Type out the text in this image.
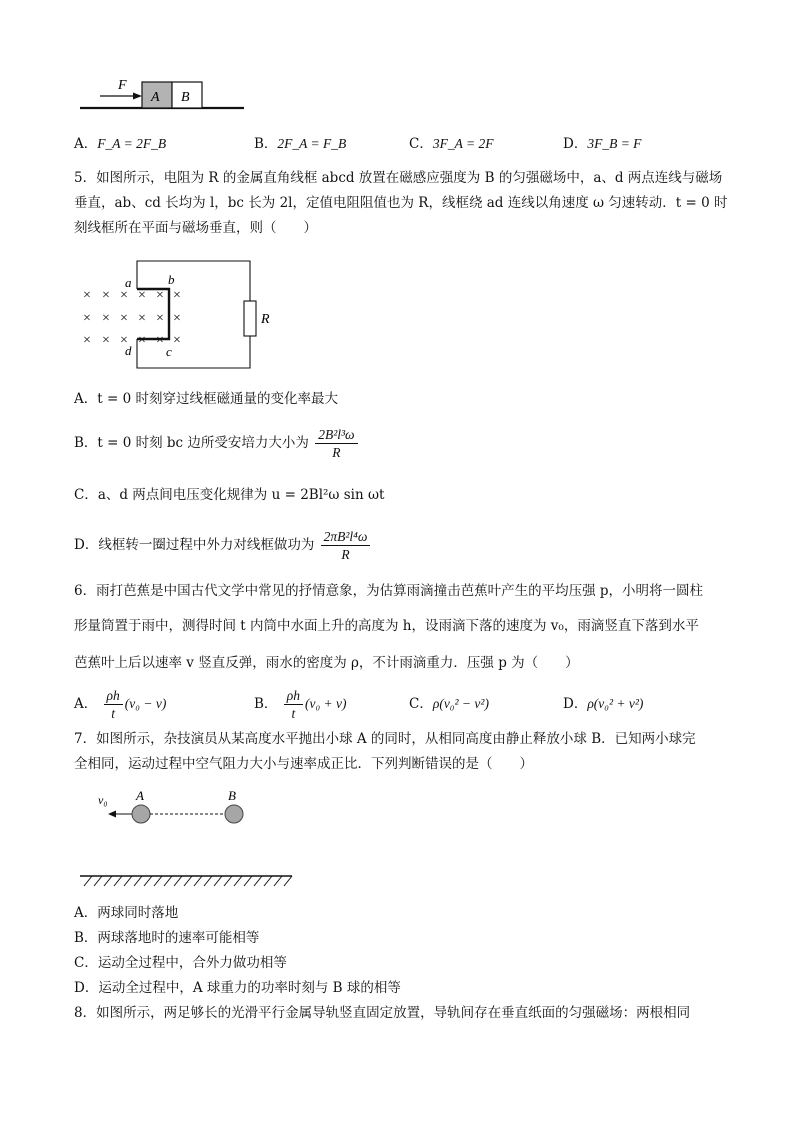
F
A B
A．F_A = 2F_B	B．2F_A = F_B	C．3F_A = 2F	D．3F_B = F
5．如图所示，电阻为 R 的金属直角线框 abcd 放置在磁感应强度为 B 的匀强磁场中，a、d 两点连线与磁场
垂直，ab、cd 长均为 l，bc 长为 2l，定值电阻阻值也为 R，线框绕 ad 连线以角速度 ω 匀速转动．t = 0 时
刻线框所在平面与磁场垂直，则（　　）
× × × × × ×
× × × × × ×
× × × × × ×
R
a	b
d	c
A．t = 0 时刻穿过线框磁通量的变化率最大
B．t = 0 时刻 bc 边所受安培力大小为 $\frac{\text{2B²l³ω}}{R}$
C．a、d 两点间电压变化规律为 u = 2Bl²ω sin ωt
D．线框转一圈过程中外力对线框做功为 $\frac{\text{2πB²l⁴ω}}{R}$
6．雨打芭蕉是中国古代文学中常见的抒情意象，为估算雨滴撞击芭蕉叶产生的平均压强 p，小明将一圆柱
形量筒置于雨中，测得时间 t 内筒中水面上升的高度为 h，设雨滴下落的速度为 v₀，雨滴竖直下落到水平
芭蕉叶上后以速率 v 竖直反弹，雨水的密度为 ρ，不计雨滴重力．压强 p 为（　　）
A． $\frac{\rho h}{t} (v_0 - v)$	B． $\frac{\rho h}{t} (v_0 + v)$	C．ρ(v₀² − v²)	D．ρ(v₀² + v²)
7．如图所示，杂技演员从某高度水平抛出小球 A 的同时，从相同高度由静止释放小球 B．已知两小球完
全相同，运动过程中空气阻力大小与速率成正比．下列判断错误的是（　　）
v₀ A	B
A．两球同时落地
B．两球落地时的速率可能相等
C．运动全过程中，合外力做功相等
D．运动全过程中，A 球重力的功率时刻与 B 球的相等
8．如图所示，两足够长的光滑平行金属导轨竖直固定放置，导轨间存在垂直纸面的匀强磁场：两根相同
